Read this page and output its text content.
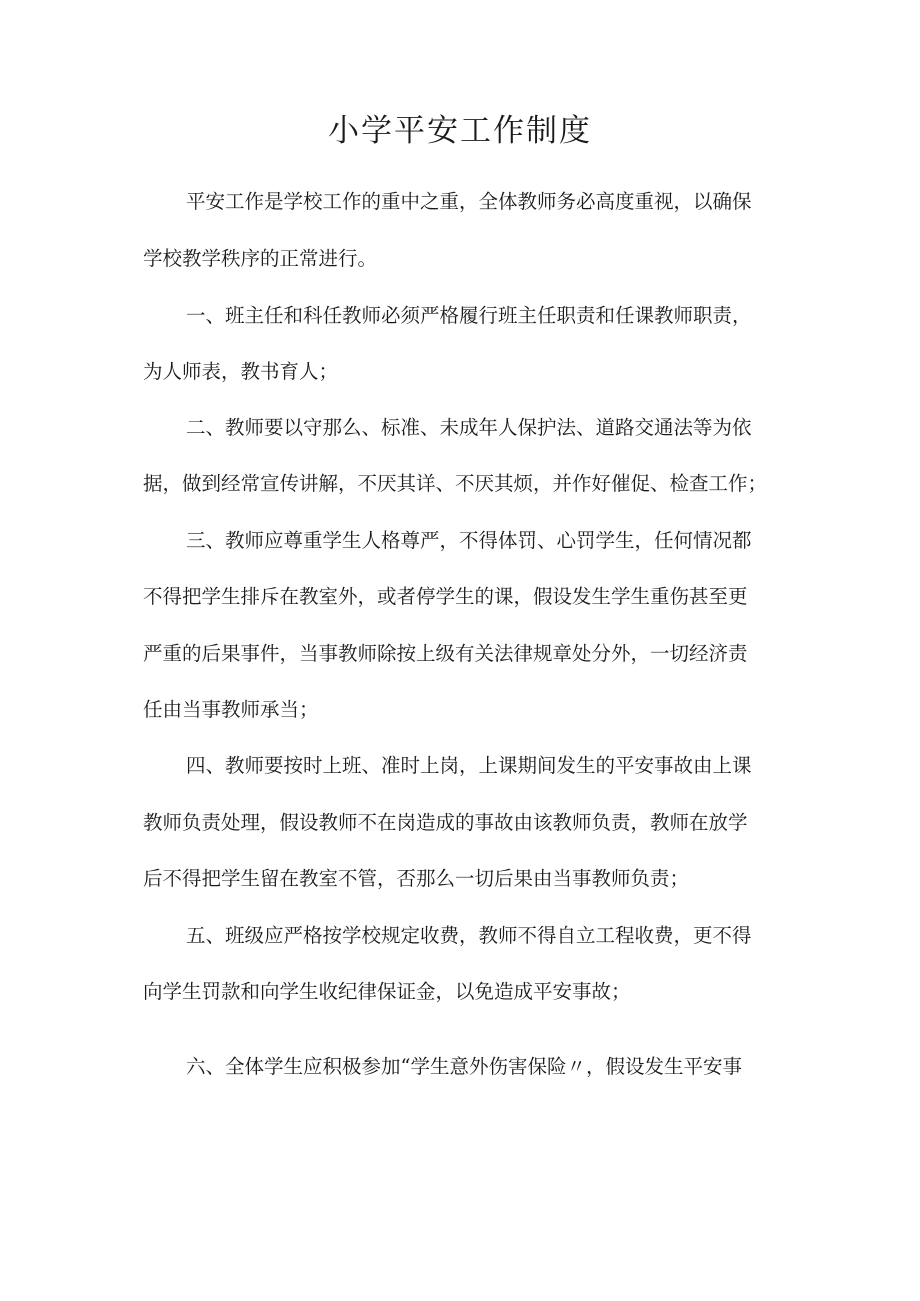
小学平安工作制度

平安工作是学校工作的重中之重，全体教师务必高度重视，以确保

学校教学秩序的正常进行。

一、班主任和科任教师必须严格履行班主任职责和任课教师职责，

为人师表，教书育人；

二、教师要以守那么、标准、未成年人保护法、道路交通法等为依

据，做到经常宣传讲解，不厌其详、不厌其烦，并作好催促、检查工作；

三、教师应尊重学生人格尊严，不得体罚、心罚学生，任何情况都

不得把学生排斥在教室外，或者停学生的课，假设发生学生重伤甚至更

严重的后果事件，当事教师除按上级有关法律规章处分外，一切经济责

任由当事教师承当；

四、教师要按时上班、准时上岗，上课期间发生的平安事故由上课

教师负责处理，假设教师不在岗造成的事故由该教师负责，教师在放学

后不得把学生留在教室不管，否那么一切后果由当事教师负责；

五、班级应严格按学校规定收费，教师不得自立工程收费，更不得

向学生罚款和向学生收纪律保证金，以免造成平安事故；

六、全体学生应积极参加“学生意外伤害保险〃，假设发生平安事
